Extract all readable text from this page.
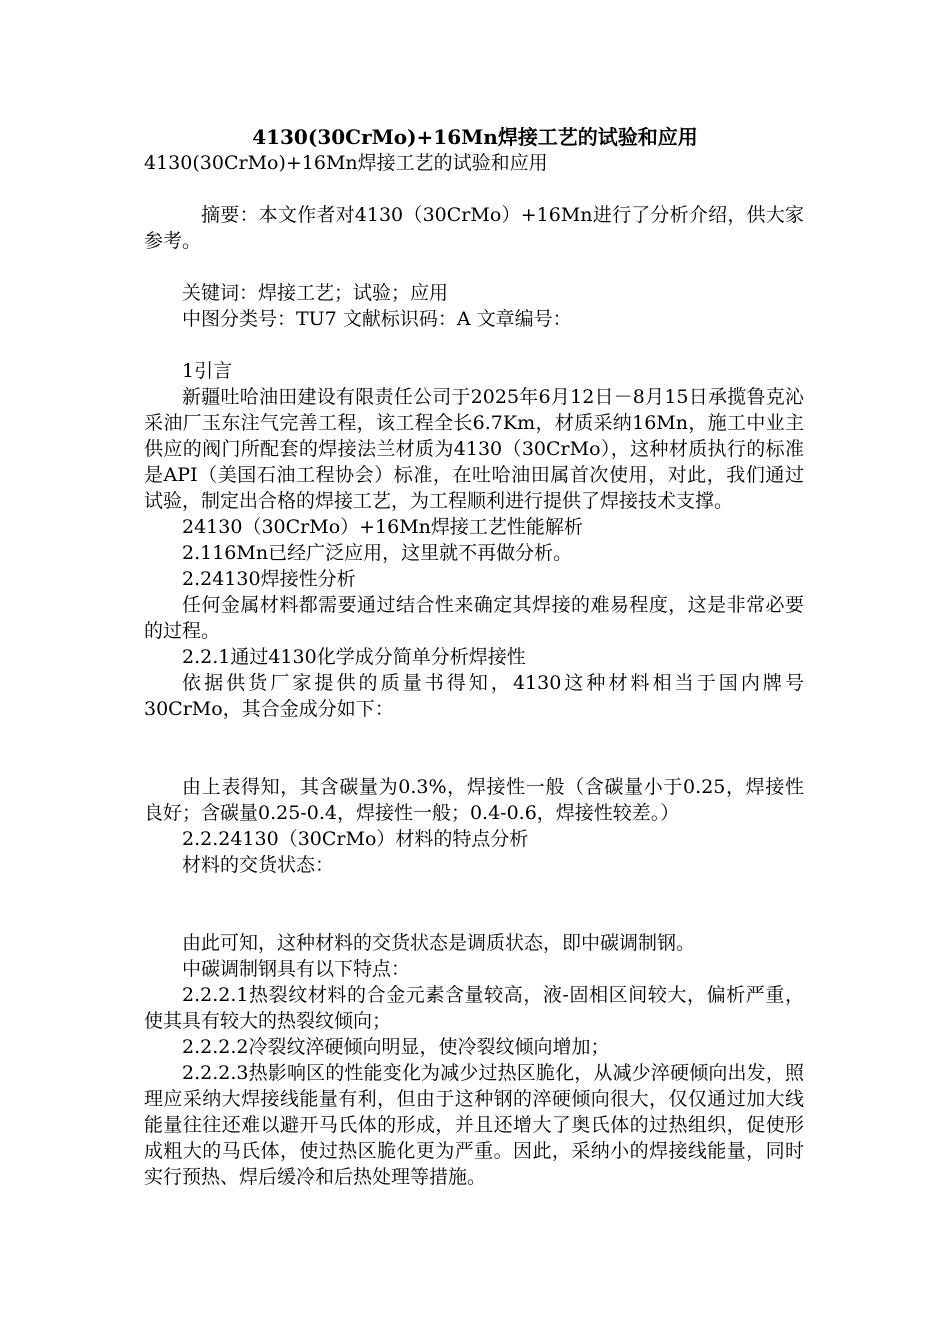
4130(30CrMo)+16Mn焊接工艺的试验和应用

4130(30CrMo)+16Mn焊接工艺的试验和应用

摘要：本文作者对4130（30CrMo）+16Mn进行了分析介绍，供大家参考。

关键词：焊接工艺；试验；应用

中图分类号：TU7 文献标识码：A 文章编号：

1引言

新疆吐哈油田建设有限责任公司于2025年6月12日－8月15日承揽鲁克沁采油厂玉东注气完善工程，该工程全长6.7Km，材质采纳16Mn，施工中业主供应的阀门所配套的焊接法兰材质为4130（30CrMo），这种材质执行的标准是API（美国石油工程协会）标准，在吐哈油田属首次使用，对此，我们通过试验，制定出合格的焊接工艺，为工程顺利进行提供了焊接技术支撑。

24130（30CrMo）+16Mn焊接工艺性能解析

2.116Mn已经广泛应用，这里就不再做分析。

2.24130焊接性分析

任何金属材料都需要通过结合性来确定其焊接的难易程度，这是非常必要的过程。

2.2.1通过4130化学成分简单分析焊接性

依据供货厂家提供的质量书得知，4130这种材料相当于国内牌号30CrMo，其合金成分如下：

由上表得知，其含碳量为0.3%，焊接性一般（含碳量小于0.25，焊接性良好；含碳量0.25-0.4，焊接性一般；0.4-0.6，焊接性较差。）

2.2.24130（30CrMo）材料的特点分析

材料的交货状态：

由此可知，这种材料的交货状态是调质状态，即中碳调制钢。

中碳调制钢具有以下特点：

2.2.2.1热裂纹材料的合金元素含量较高，液-固相区间较大，偏析严重，使其具有较大的热裂纹倾向；

2.2.2.2冷裂纹淬硬倾向明显，使冷裂纹倾向增加；

2.2.2.3热影响区的性能变化为减少过热区脆化，从减少淬硬倾向出发，照理应采纳大焊接线能量有利，但由于这种钢的淬硬倾向很大，仅仅通过加大线能量往往还难以避开马氏体的形成，并且还增大了奥氏体的过热组织，促使形成粗大的马氏体，使过热区脆化更为严重。因此，采纳小的焊接线能量，同时实行预热、焊后缓冷和后热处理等措施。
